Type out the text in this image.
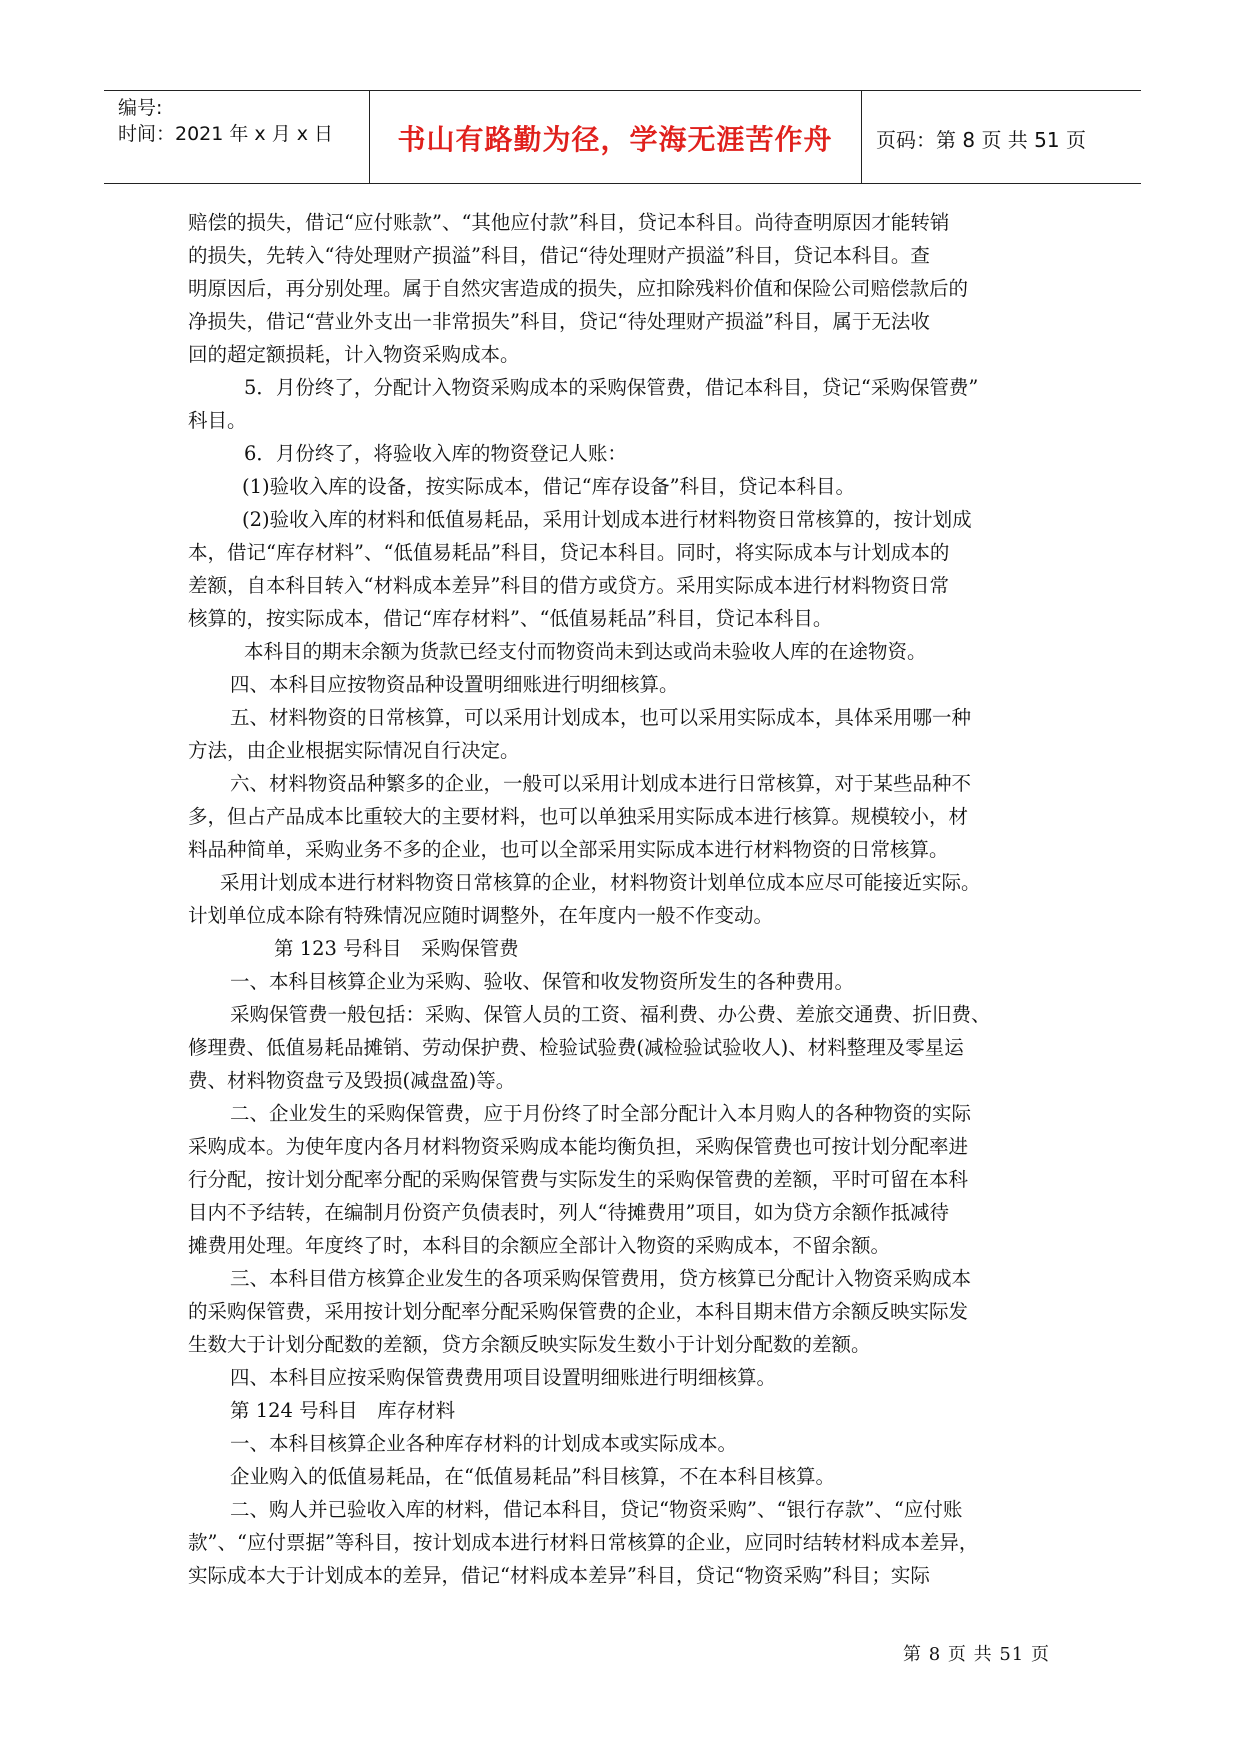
编号:
时间：2021 年 x 月 x 日	书山有路勤为径，学海无涯苦作舟	页码：第 8 页 共 51 页
赔偿的损失，借记“应付账款”、“其他应付款”科目，贷记本科目。尚待查明原因才能转销
的损失，先转入“待处理财产损溢”科目，借记“待处理财产损溢”科目，贷记本科目。查
明原因后，再分别处理。属于自然灾害造成的损失，应扣除残料价值和保险公司赔偿款后的
净损失，借记“营业外支出一非常损失”科目，贷记“待处理财产损溢”科目，属于无法收
回的超定额损耗，计入物资采购成本。
5．月份终了，分配计入物资采购成本的采购保管费，借记本科目，贷记“采购保管费”
科目。
6．月份终了，将验收入库的物资登记人账：
(1)验收入库的设备，按实际成本，借记“库存设备”科目，贷记本科目。
(2)验收入库的材料和低值易耗品，采用计划成本进行材料物资日常核算的，按计划成
本，借记“库存材料”、“低值易耗品”科目，贷记本科目。同时，将实际成本与计划成本的
差额，自本科目转入“材料成本差异”科目的借方或贷方。采用实际成本进行材料物资日常
核算的，按实际成本，借记“库存材料”、“低值易耗品”科目，贷记本科目。
本科目的期末余额为货款已经支付而物资尚未到达或尚未验收人库的在途物资。
四、本科目应按物资品种设置明细账进行明细核算。
五、材料物资的日常核算，可以采用计划成本，也可以采用实际成本，具体采用哪一种
方法，由企业根据实际情况自行决定。
六、材料物资品种繁多的企业，一般可以采用计划成本进行日常核算，对于某些品种不
多，但占产品成本比重较大的主要材料，也可以单独采用实际成本进行核算。规模较小，材
料品种简单，采购业务不多的企业，也可以全部采用实际成本进行材料物资的日常核算。
采用计划成本进行材料物资日常核算的企业，材料物资计划单位成本应尽可能接近实际。
计划单位成本除有特殊情况应随时调整外，在年度内一般不作变动。
第 123 号科目　采购保管费
一、本科目核算企业为采购、验收、保管和收发物资所发生的各种费用。
采购保管费一般包括：采购、保管人员的工资、福利费、办公费、差旅交通费、折旧费、
修理费、低值易耗品摊销、劳动保护费、检验试验费(减检验试验收人)、材料整理及零星运
费、材料物资盘亏及毁损(减盘盈)等。
二、企业发生的采购保管费，应于月份终了时全部分配计入本月购人的各种物资的实际
采购成本。为使年度内各月材料物资采购成本能均衡负担，采购保管费也可按计划分配率进
行分配，按计划分配率分配的采购保管费与实际发生的采购保管费的差额，平时可留在本科
目内不予结转，在编制月份资产负债表时，列人“待摊费用”项目，如为贷方余额作抵减待
摊费用处理。年度终了时，本科目的余额应全部计入物资的采购成本，不留余额。
三、本科目借方核算企业发生的各项采购保管费用，贷方核算已分配计入物资采购成本
的采购保管费，采用按计划分配率分配采购保管费的企业，本科目期末借方余额反映实际发
生数大于计划分配数的差额，贷方余额反映实际发生数小于计划分配数的差额。
四、本科目应按采购保管费费用项目设置明细账进行明细核算。
第 124 号科目　库存材料
一、本科目核算企业各种库存材料的计划成本或实际成本。
企业购入的低值易耗品，在“低值易耗品”科目核算，不在本科目核算。
二、购人并已验收入库的材料，借记本科目，贷记“物资采购”、“银行存款”、“应付账
款”、“应付票据”等科目，按计划成本进行材料日常核算的企业，应同时结转材料成本差异，
实际成本大于计划成本的差异，借记“材料成本差异”科目，贷记“物资采购”科目；实际
第 8 页 共 51 页
